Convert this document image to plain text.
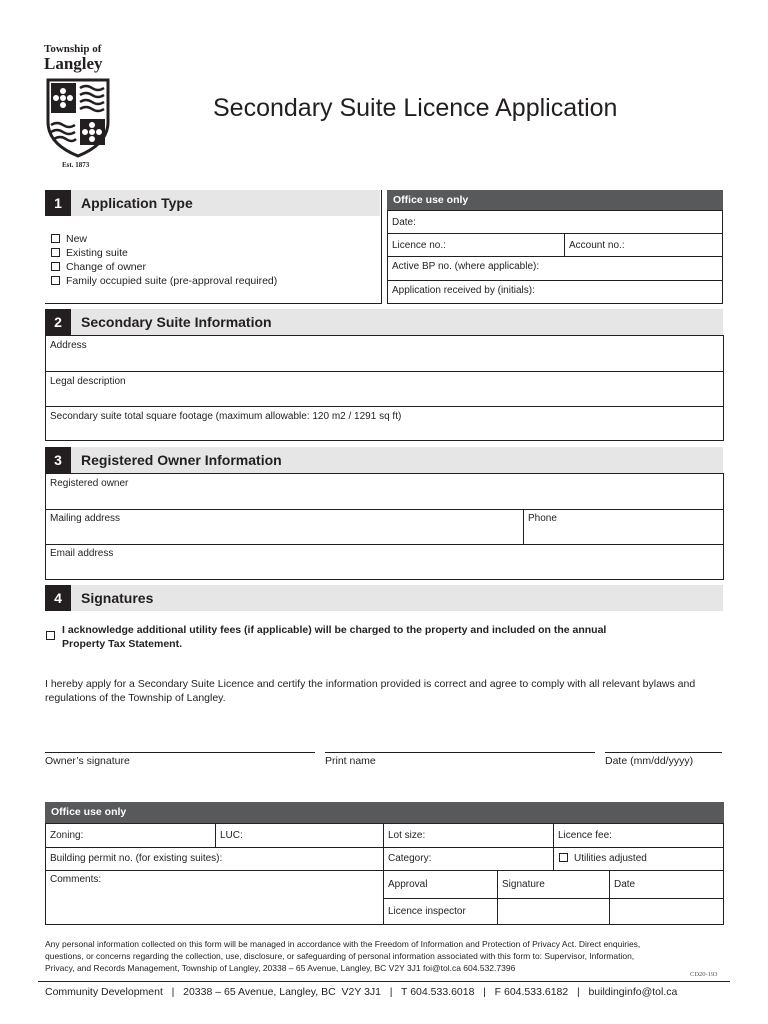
Township of
Langley
Est. 1873
Secondary Suite Licence Application
1	Application Type
New
Existing suite
Change of owner
Family occupied suite (pre-approval required)
Office use only
Date:
Licence no.:	Account no.:
Active BP no. (where applicable):
Application received by (initials):
2	Secondary Suite Information
Address
Legal description
Secondary suite total square footage (maximum allowable: 120 m2 / 1291 sq ft)
3	Registered Owner Information
Registered owner
Mailing address	Phone
Email address
4	Signatures
I acknowledge additional utility fees (if applicable) will be charged to the property and included on the annual
Property Tax Statement.
I hereby apply for a Secondary Suite Licence and certify the information provided is correct and agree to comply with all relevant bylaws and
regulations of the Township of Langley.
Owner’s signature	Print name	Date (mm/dd/yyyy)
Office use only
Zoning:	LUC:	Lot size:	Licence fee:
Building permit no. (for existing suites):	Category:	Utilities adjusted
Comments:	Approval	Signature	Date
Licence inspector
Any personal information collected on this form will be managed in accordance with the Freedom of Information and Protection of Privacy Act. Direct enquiries,
questions, or concerns regarding the collection, use, disclosure, or safeguarding of personal information associated with this form to: Supervisor, Information,
Privacy, and Records Management, Township of Langley, 20338 – 65 Avenue, Langley, BC V2Y 3J1 foi@tol.ca 604.532.7396
CD20-193
Community Development   |   20338 – 65 Avenue, Langley, BC  V2Y 3J1   |   T 604.533.6018   |   F 604.533.6182   |   buildinginfo@tol.ca
